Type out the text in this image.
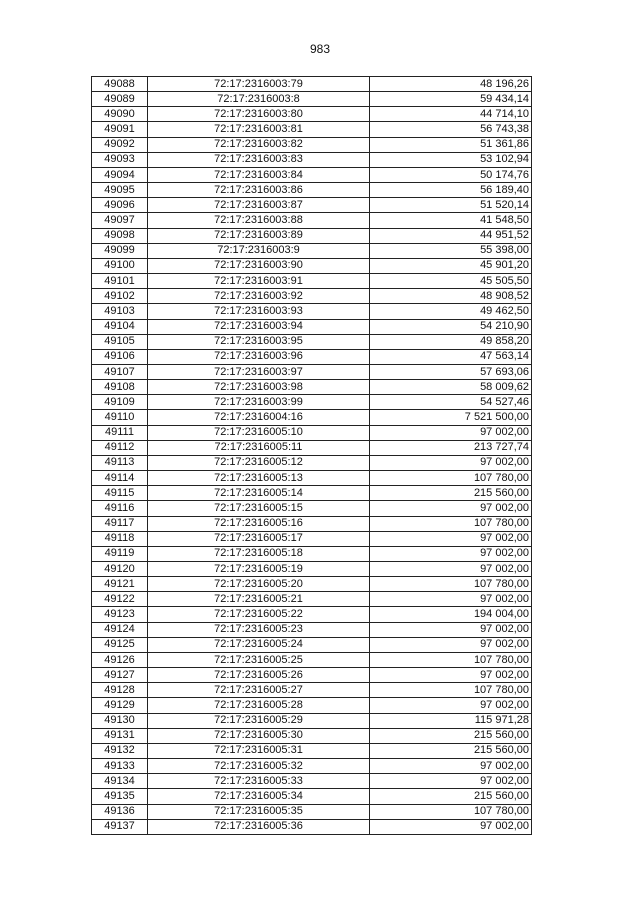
983
49088	72:17:2316003:79	48 196,26
49089	72:17:2316003:8	59 434,14
49090	72:17:2316003:80	44 714,10
49091	72:17:2316003:81	56 743,38
49092	72:17:2316003:82	51 361,86
49093	72:17:2316003:83	53 102,94
49094	72:17:2316003:84	50 174,76
49095	72:17:2316003:86	56 189,40
49096	72:17:2316003:87	51 520,14
49097	72:17:2316003:88	41 548,50
49098	72:17:2316003:89	44 951,52
49099	72:17:2316003:9	55 398,00
49100	72:17:2316003:90	45 901,20
49101	72:17:2316003:91	45 505,50
49102	72:17:2316003:92	48 908,52
49103	72:17:2316003:93	49 462,50
49104	72:17:2316003:94	54 210,90
49105	72:17:2316003:95	49 858,20
49106	72:17:2316003:96	47 563,14
49107	72:17:2316003:97	57 693,06
49108	72:17:2316003:98	58 009,62
49109	72:17:2316003:99	54 527,46
49110	72:17:2316004:16	7 521 500,00
49111	72:17:2316005:10	97 002,00
49112	72:17:2316005:11	213 727,74
49113	72:17:2316005:12	97 002,00
49114	72:17:2316005:13	107 780,00
49115	72:17:2316005:14	215 560,00
49116	72:17:2316005:15	97 002,00
49117	72:17:2316005:16	107 780,00
49118	72:17:2316005:17	97 002,00
49119	72:17:2316005:18	97 002,00
49120	72:17:2316005:19	97 002,00
49121	72:17:2316005:20	107 780,00
49122	72:17:2316005:21	97 002,00
49123	72:17:2316005:22	194 004,00
49124	72:17:2316005:23	97 002,00
49125	72:17:2316005:24	97 002,00
49126	72:17:2316005:25	107 780,00
49127	72:17:2316005:26	97 002,00
49128	72:17:2316005:27	107 780,00
49129	72:17:2316005:28	97 002,00
49130	72:17:2316005:29	115 971,28
49131	72:17:2316005:30	215 560,00
49132	72:17:2316005:31	215 560,00
49133	72:17:2316005:32	97 002,00
49134	72:17:2316005:33	97 002,00
49135	72:17:2316005:34	215 560,00
49136	72:17:2316005:35	107 780,00
49137	72:17:2316005:36	97 002,00
